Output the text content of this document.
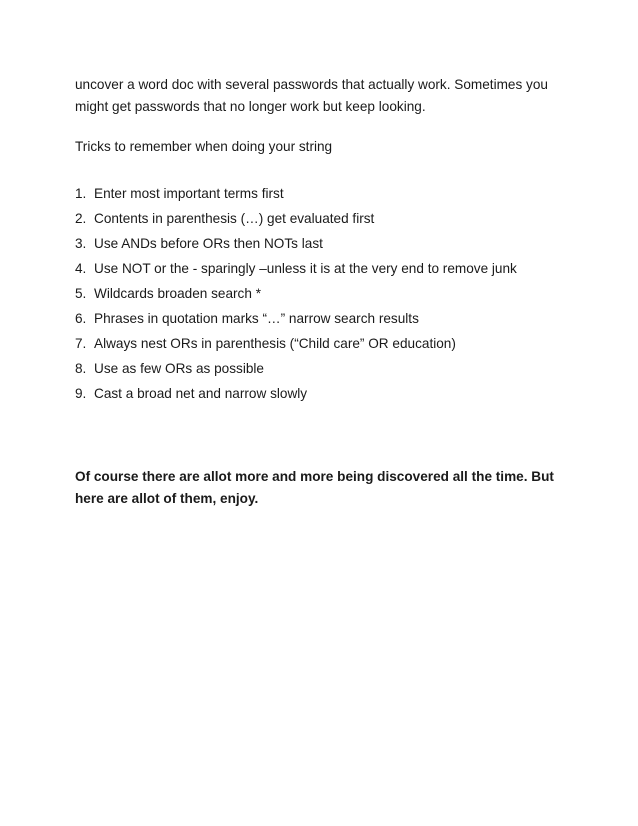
uncover a word doc with several passwords that actually work. Sometimes you might get passwords that no longer work but keep looking.

Tricks to remember when doing your string

1. Enter most important terms first
2. Contents in parenthesis (…) get evaluated first
3. Use ANDs before ORs then NOTs last
4. Use NOT or the - sparingly –unless it is at the very end to remove junk
5. Wildcards broaden search *
6. Phrases in quotation marks “…” narrow search results
7. Always nest ORs in parenthesis (“Child care” OR education)
8. Use as few ORs as possible
9. Cast a broad net and narrow slowly

Of course there are allot more and more being discovered all the time. But here are allot of them, enjoy.
